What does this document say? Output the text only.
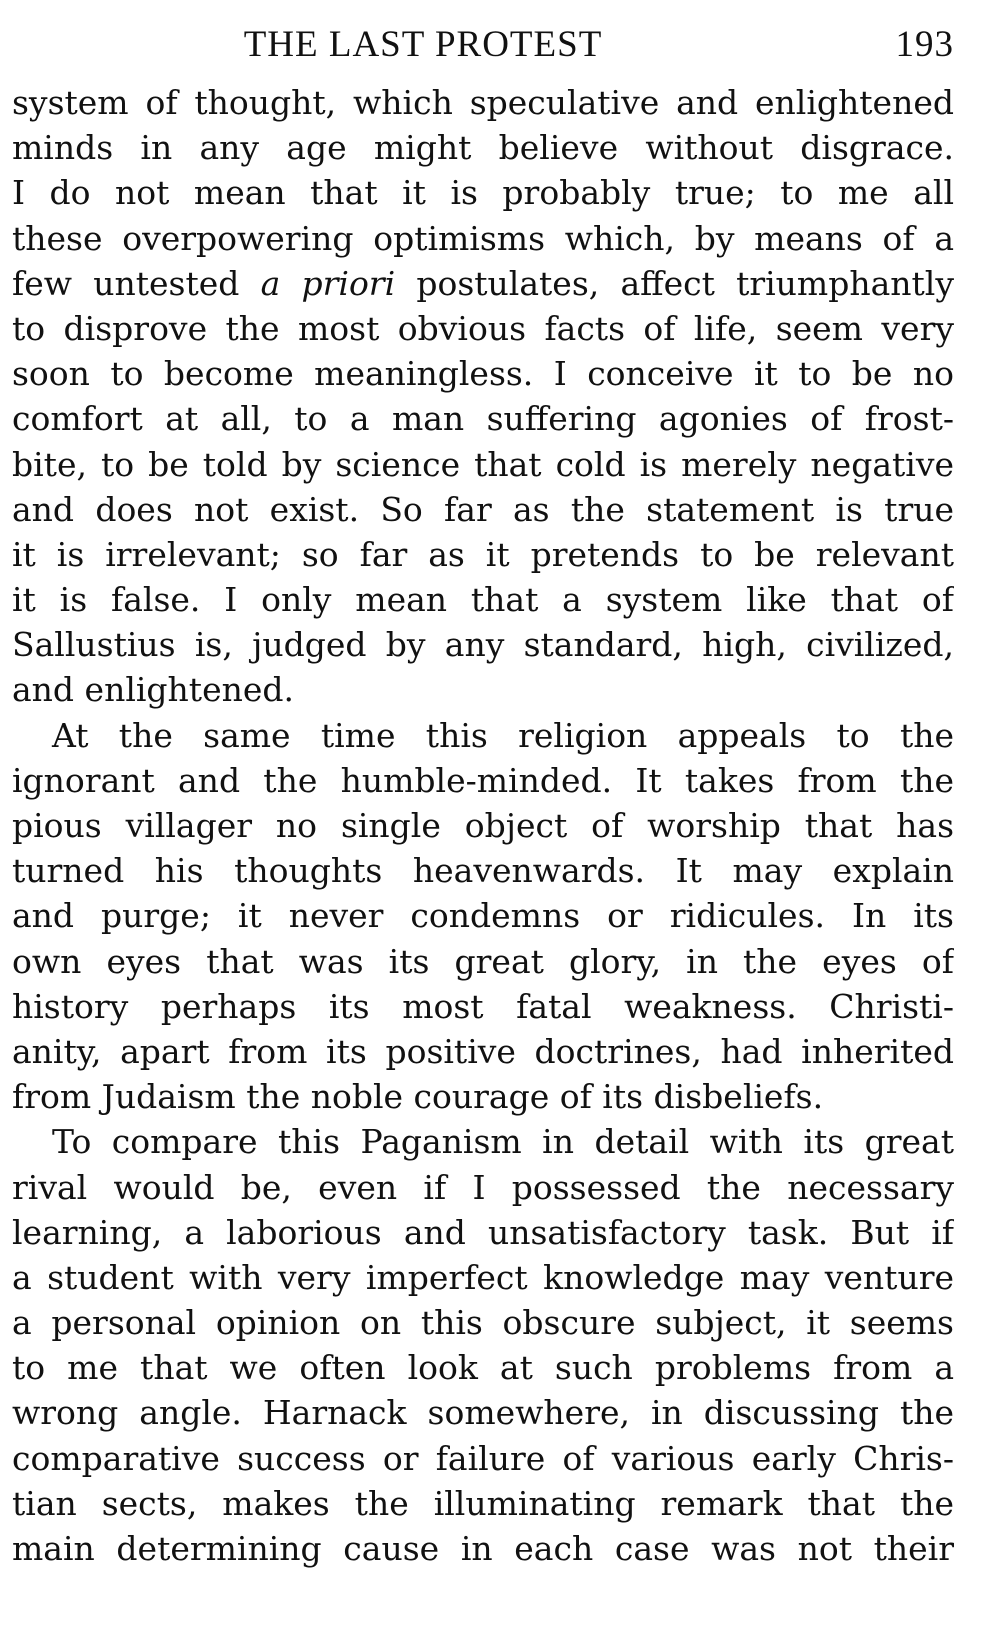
THE LAST PROTEST	193
system of thought, which speculative and enlightened
minds in any age might believe without disgrace.
I do not mean that it is probably true; to me all
these overpowering optimisms which, by means of a
few untested a priori postulates, affect triumphantly
to disprove the most obvious facts of life, seem very
soon to become meaningless. I conceive it to be no
comfort at all, to a man suffering agonies of frost-
bite, to be told by science that cold is merely negative
and does not exist. So far as the statement is true
it is irrelevant; so far as it pretends to be relevant
it is false. I only mean that a system like that of
Sallustius is, judged by any standard, high, civilized,
and enlightened.
At the same time this religion appeals to the
ignorant and the humble-minded. It takes from the
pious villager no single object of worship that has
turned his thoughts heavenwards. It may explain
and purge; it never condemns or ridicules. In its
own eyes that was its great glory, in the eyes of
history perhaps its most fatal weakness. Christi-
anity, apart from its positive doctrines, had inherited
from Judaism the noble courage of its disbeliefs.
To compare this Paganism in detail with its great
rival would be, even if I possessed the necessary
learning, a laborious and unsatisfactory task. But if
a student with very imperfect knowledge may venture
a personal opinion on this obscure subject, it seems
to me that we often look at such problems from a
wrong angle. Harnack somewhere, in discussing the
comparative success or failure of various early Chris-
tian sects, makes the illuminating remark that the
main determining cause in each case was not their
